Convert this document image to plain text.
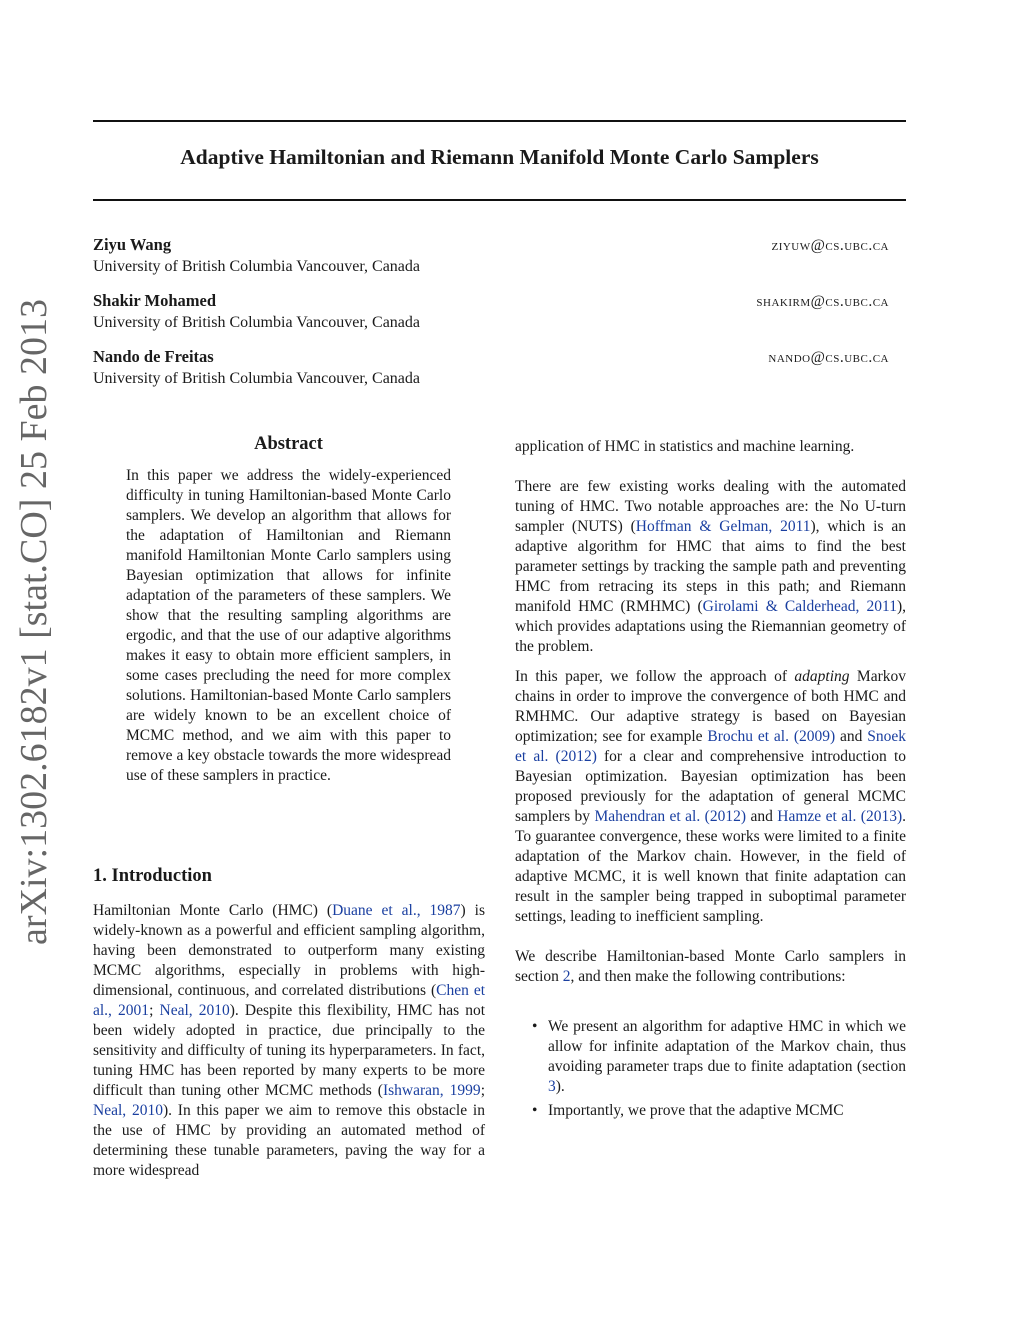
arXiv:1302.6182v1 [stat.CO] 25 Feb 2013
Adaptive Hamiltonian and Riemann Manifold Monte Carlo Samplers
Ziyu Wang	ziyuw@cs.ubc.ca
University of British Columbia Vancouver, Canada
Shakir Mohamed	shakirm@cs.ubc.ca
University of British Columbia Vancouver, Canada
Nando de Freitas	nando@cs.ubc.ca
University of British Columbia Vancouver, Canada
Abstract
In this paper we address the widely-experienced difficulty in tuning Hamiltonian-based Monte Carlo samplers. We develop an algorithm that allows for the adaptation of Hamiltonian and Riemann manifold Hamiltonian Monte Carlo samplers using Bayesian optimization that allows for infinite adaptation of the parameters of these samplers. We show that the resulting sampling algorithms are ergodic, and that the use of our adaptive algorithms makes it easy to obtain more efficient samplers, in some cases precluding the need for more complex solutions. Hamiltonian-based Monte Carlo samplers are widely known to be an excellent choice of MCMC method, and we aim with this paper to remove a key obstacle towards the more widespread use of these samplers in practice.
1. Introduction
Hamiltonian Monte Carlo (HMC) (Duane et al., 1987) is widely-known as a powerful and efficient sampling algorithm, having been demonstrated to outperform many existing MCMC algorithms, especially in problems with high-dimensional, continuous, and correlated distributions (Chen et al., 2001; Neal, 2010). Despite this flexibility, HMC has not been widely adopted in practice, due principally to the sensitivity and difficulty of tuning its hyperparameters. In fact, tuning HMC has been reported by many experts to be more difficult than tuning other MCMC methods (Ishwaran, 1999; Neal, 2010). In this paper we aim to remove this obstacle in the use of HMC by providing an automated method of determining these tunable parameters, paving the way for a more widespread

application of HMC in statistics and machine learning.

There are few existing works dealing with the automated tuning of HMC. Two notable approaches are: the No U-turn sampler (NUTS) (Hoffman & Gelman, 2011), which is an adaptive algorithm for HMC that aims to find the best parameter settings by tracking the sample path and preventing HMC from retracing its steps in this path; and Riemann manifold HMC (RMHMC) (Girolami & Calderhead, 2011), which provides adaptations using the Riemannian geometry of the problem.

In this paper, we follow the approach of adapting Markov chains in order to improve the convergence of both HMC and RMHMC. Our adaptive strategy is based on Bayesian optimization; see for example Brochu et al. (2009) and Snoek et al. (2012) for a clear and comprehensive introduction to Bayesian optimization. Bayesian optimization has been proposed previously for the adaptation of general MCMC samplers by Mahendran et al. (2012) and Hamze et al. (2013). To guarantee convergence, these works were limited to a finite adaptation of the Markov chain. However, in the field of adaptive MCMC, it is well known that finite adaptation can result in the sampler being trapped in suboptimal parameter settings, leading to inefficient sampling.

We describe Hamiltonian-based Monte Carlo samplers in section 2, and then make the following contributions:

• We present an algorithm for adaptive HMC in which we allow for infinite adaptation of the Markov chain, thus avoiding parameter traps due to finite adaptation (section 3).
• Importantly, we prove that the adaptive MCMC
